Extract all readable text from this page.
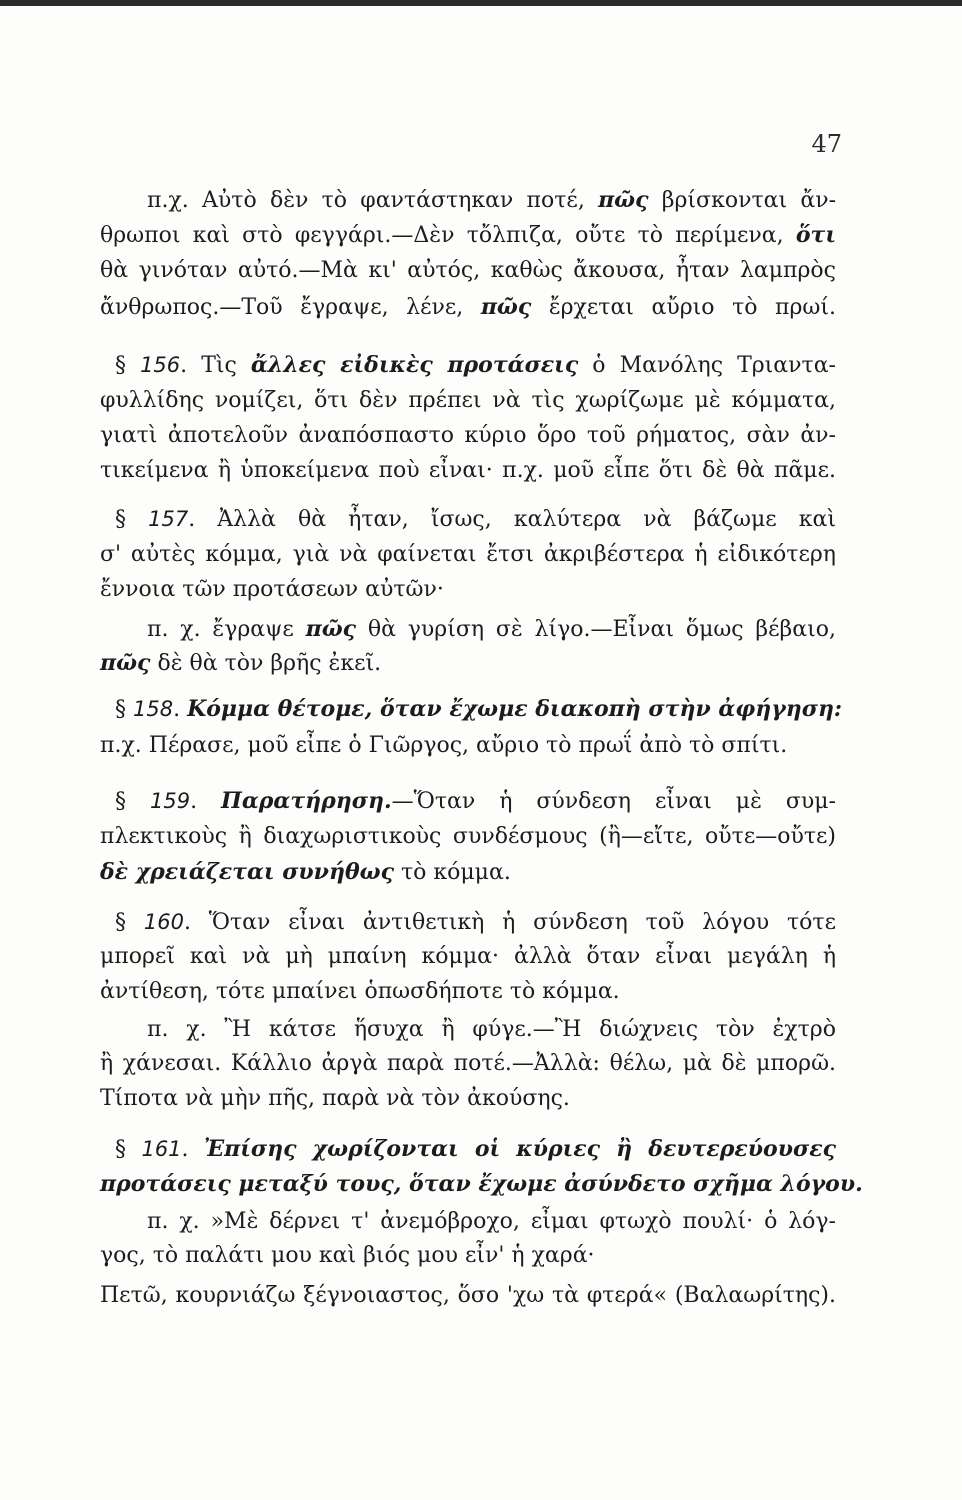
47
π.χ. Αὐτὸ δὲν τὸ φαντάστηκαν ποτέ, πῶς βρίσκονται ἄν-
θρωποι καὶ στὸ φεγγάρι.—Δὲν τὄλπιζα, οὔτε τὸ περίμενα, ὅτι
θὰ γινόταν αὐτό.—Μὰ κι' αὐτός, καθὼς ἄκουσα, ἦταν λαμπρὸς
ἄνθρωπος.—Τοῦ ἔγραψε, λένε, πῶς ἔρχεται αὔριο τὸ πρωί.
§ 156. Τὶς ἄλλες εἰδικὲς προτάσεις ὁ Μανόλης Τριαντα-
φυλλίδης νομίζει, ὅτι δὲν πρέπει νὰ τὶς χωρίζωμε μὲ κόμματα,
γιατὶ ἀποτελοῦν ἀναπόσπαστο κύριο ὅρο τοῦ ρήματος, σὰν ἀν-
τικείμενα ἢ ὑποκείμενα ποὺ εἶναι· π.χ. μοῦ εἶπε ὅτι δὲ θὰ πᾶμε.
§ 157. Ἀλλὰ θὰ ἦταν, ἴσως, καλύτερα νὰ βάζωμε καὶ
σ' αὐτὲς κόμμα, γιὰ νὰ φαίνεται ἔτσι ἀκριβέστερα ἡ εἰδικότερη
ἔννοια τῶν προτάσεων αὐτῶν·
π. χ. ἔγραψε πῶς θὰ γυρίση σὲ λίγο.—Εἶναι ὅμως βέβαιο,
πῶς δὲ θὰ τὸν βρῆς ἐκεῖ.
§ 158. Κόμμα θέτομε, ὅταν ἔχωμε διακοπὴ στὴν ἀφήγηση:
π.χ. Πέρασε, μοῦ εἶπε ὁ Γιῶργος, αὔριο τὸ πρωΐ ἀπὸ τὸ σπίτι.
§ 159. Παρατήρηση.—Ὅταν ἡ σύνδεση εἶναι μὲ συμ-
πλεκτικοὺς ἢ διαχωριστικοὺς συνδέσμους (ἢ—εἴτε, οὔτε—οὔτε)
δὲ χρειάζεται συνήθως τὸ κόμμα.
§ 160. Ὅταν εἶναι ἀντιθετικὴ ἡ σύνδεση τοῦ λόγου τότε
μπορεῖ καὶ νὰ μὴ μπαίνη κόμμα· ἀλλὰ ὅταν εἶναι μεγάλη ἡ
ἀντίθεση, τότε μπαίνει ὁπωσδήποτε τὸ κόμμα.
π. χ. Ἢ κάτσε ἥσυχα ἢ φύγε.—Ἢ διώχνεις τὸν ἐχτρὸ
ἢ χάνεσαι. Κάλλιο ἀργὰ παρὰ ποτέ.—Ἀλλὰ: θέλω, μὰ δὲ μπορῶ.
Τίποτα νὰ μὴν πῆς, παρὰ νὰ τὸν ἀκούσης.
§ 161. Ἐπίσης χωρίζονται οἱ κύριες ἢ δευτερεύουσες
προτάσεις μεταξύ τους, ὅταν ἔχωμε ἀσύνδετο σχῆμα λόγου.
π. χ. »Μὲ δέρνει τ' ἀνεμόβροχο, εἶμαι φτωχὸ πουλί· ὁ λόγ-
γος, τὸ παλάτι μου καὶ βιός μου εἶν' ἡ χαρά·
Πετῶ, κουρνιάζω ξέγνοιαστος, ὅσο 'χω τὰ φτερά« (Βαλαωρίτης).
